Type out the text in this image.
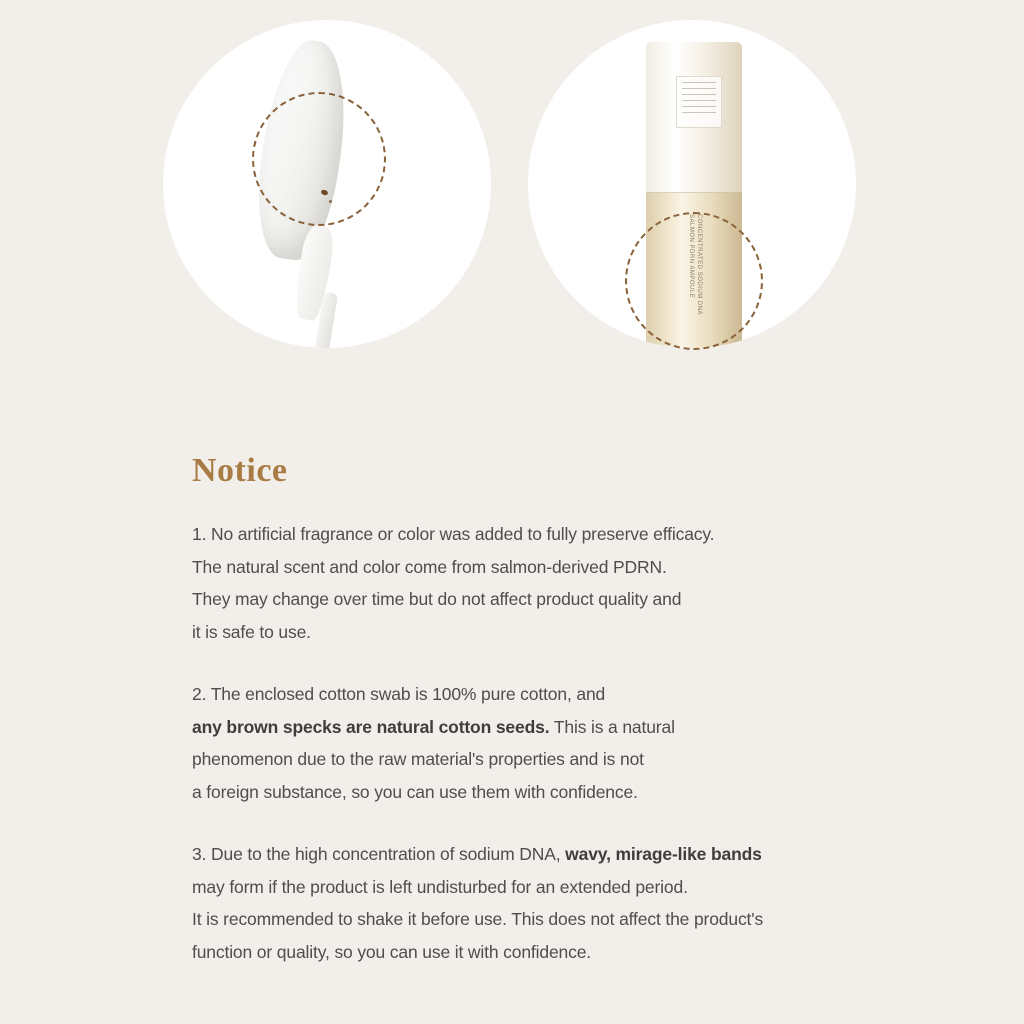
SALMON PDRN AMPOULE CONCENTRATED SODIUM DNA
Notice

1. No artificial fragrance or color was added to fully preserve efficacy.
The natural scent and color come from salmon-derived PDRN.
They may change over time but do not affect product quality and
it is safe to use.

2. The enclosed cotton swab is 100% pure cotton, and
any brown specks are natural cotton seeds. This is a natural
phenomenon due to the raw material's properties and is not
a foreign substance, so you can use them with confidence.

3. Due to the high concentration of sodium DNA, wavy, mirage-like bands
may form if the product is left undisturbed for an extended period.
It is recommended to shake it before use. This does not affect the product's
function or quality, so you can use it with confidence.
